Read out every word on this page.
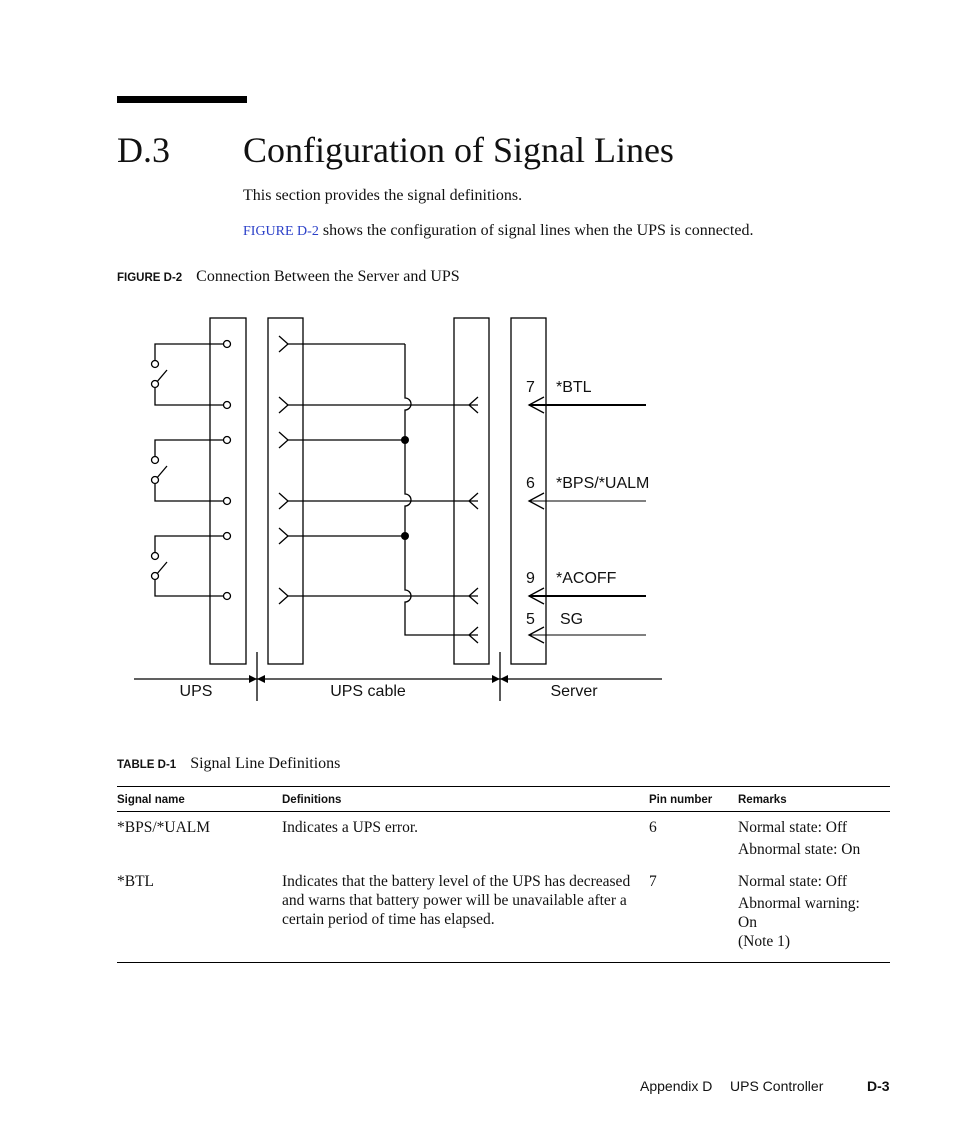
D.3 Configuration of Signal Lines
This section provides the signal definitions.
FIGURE D-2 shows the configuration of signal lines when the UPS is connected.
FIGURE D-2 Connection Between the Server and UPS
7 *BTL
6 *BPS/*UALM
9 *ACOFF
5 SG
UPS	UPS cable	Server
TABLE D-1 Signal Line Definitions
Signal name	Definitions	Pin number	Remarks
*BPS/*UALM	Indicates a UPS error.	6	Normal state: Off
Abnormal state: On

*BTL	Indicates that the battery level of the UPS has decreased and warns that battery power will be unavailable after a certain period of time has elapsed.	7	Normal state: Off
Abnormal warning: On
(Note 1)
Appendix D UPS Controller	D-3
